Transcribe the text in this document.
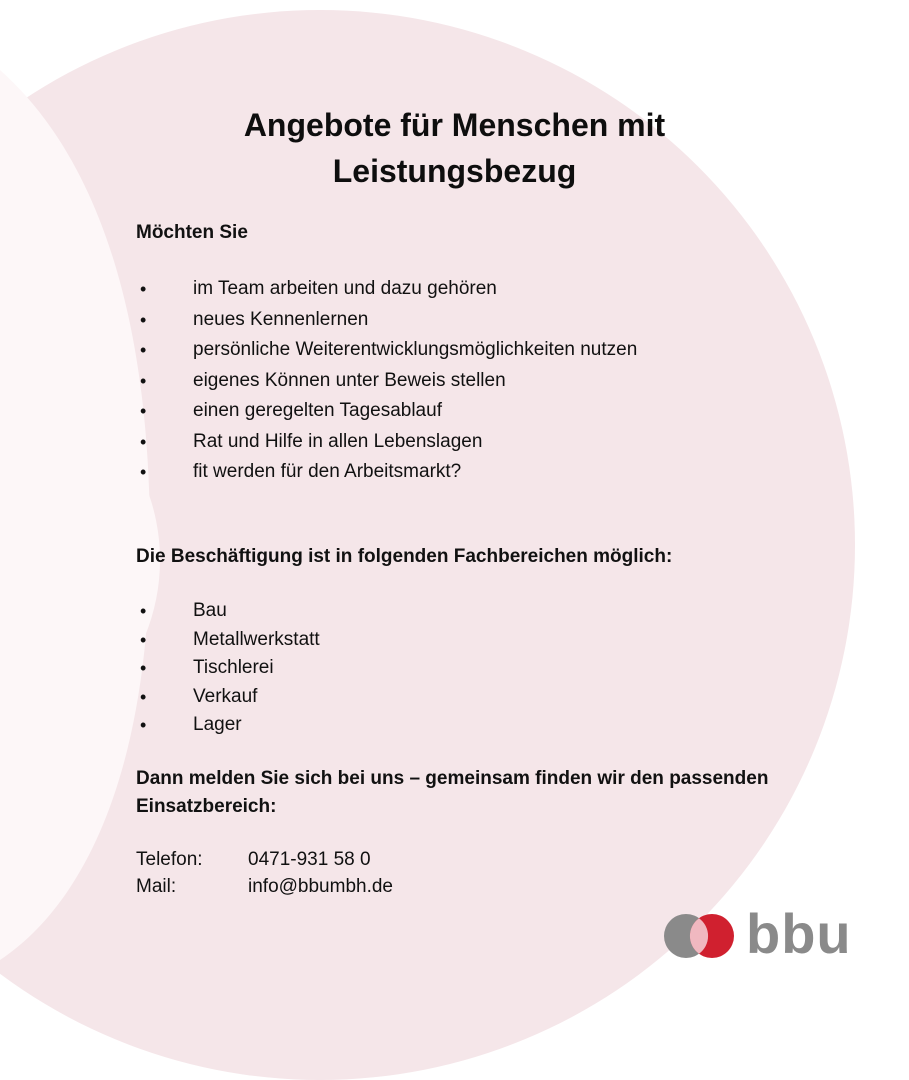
Angebote für Menschen mit
Leistungsbezug
Möchten Sie
• im Team arbeiten und dazu gehören
• neues Kennenlernen
• persönliche Weiterentwicklungsmöglichkeiten nutzen
• eigenes Können unter Beweis stellen
• einen geregelten Tagesablauf
• Rat und Hilfe in allen Lebenslagen
• fit werden für den Arbeitsmarkt?
Die Beschäftigung ist in folgenden Fachbereichen möglich:
• Bau
• Metallwerkstatt
• Tischlerei
• Verkauf
• Lager
Dann melden Sie sich bei uns – gemeinsam finden wir den passenden
Einsatzbereich:
Telefon: 0471-931 58 0
Mail:	info@bbumbh.de
bbu
